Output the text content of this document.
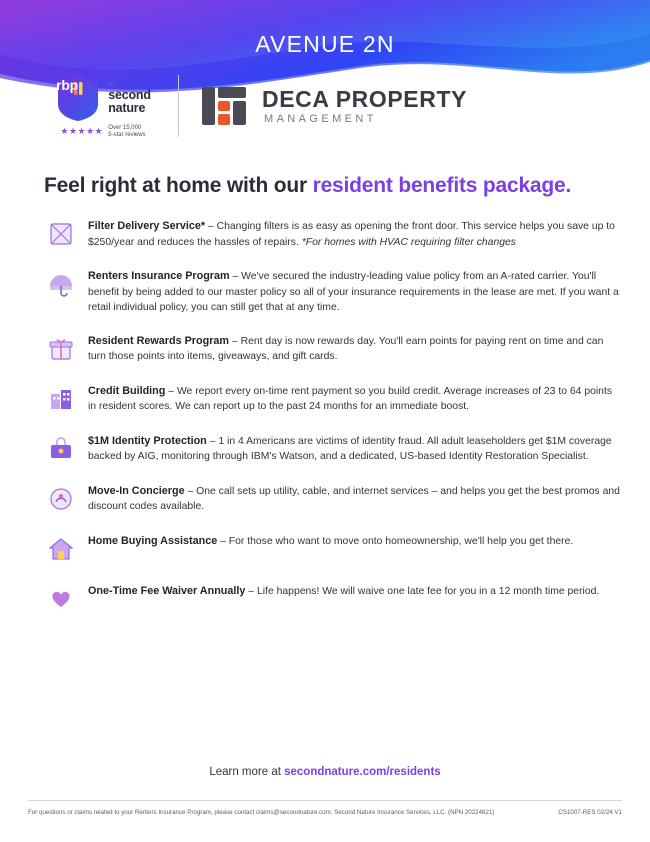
AVENUE 2N
rbp	by
second
nature
★★★★★ Over 15,000
5-star reviews
DECA PROPERTY
MANAGEMENT
Feel right at home with our resident benefits package.
Filter Delivery Service* – Changing filters is as easy as opening the front door. This service helps you save up to $250/year and reduces the hassles of repairs. *For homes with HVAC requiring filter changes
Renters Insurance Program – We've secured the industry-leading value policy from an A-rated carrier. You'll benefit by being added to our master policy so all of your insurance requirements in the lease are met. If you want a retail individual policy, you can still get that at any time.
Resident Rewards Program – Rent day is now rewards day. You'll earn points for paying rent on time and can turn those points into items, giveaways, and gift cards.
Credit Building – We report every on-time rent payment so you build credit. Average increases of 23 to 64 points in resident scores. We can report up to the past 24 months for an immediate boost.
$1M Identity Protection – 1 in 4 Americans are victims of identity fraud. All adult leaseholders get $1M coverage backed by AIG, monitoring through IBM's Watson, and a dedicated, US-based Identity Restoration Specialist.
Move-In Concierge – One call sets up utility, cable, and internet services – and helps you get the best promos and discount codes available.
Home Buying Assistance – For those who want to move onto homeownership, we'll help you get there.
One-Time Fee Waiver Annually – Life happens! We will waive one late fee for you in a 12 month time period.
Learn more at secondnature.com/residents
For questions or claims related to your Renters Insurance Program, please contact claims@secondnature.com. Second Nature Insurance Services, LLC. (NPN 20224621)	CS1007-RES 02/24 V1
